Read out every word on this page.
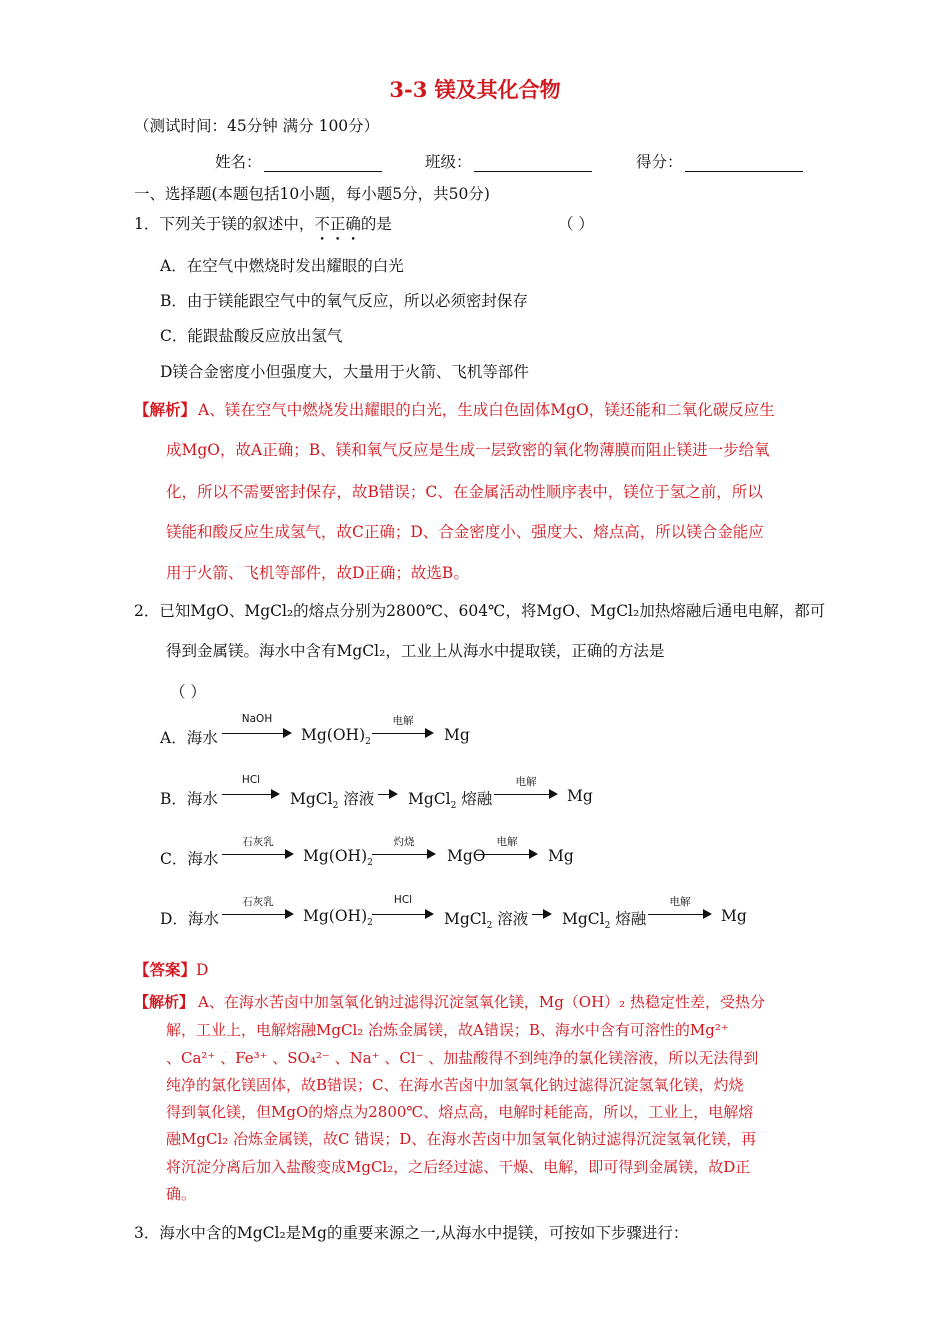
3-3 镁及其化合物
（测试时间：45分钟 满分 100分）
姓名：	班级：	得分：
一、选择题(本题包括10小题，每小题5分，共50分)
1．下列关于镁的叙述中，不正确的是	（ ）
A．在空气中燃烧时发出耀眼的白光
B．由于镁能跟空气中的氧气反应，所以必须密封保存
C．能跟盐酸反应放出氢气
D镁合金密度小但强度大，大量用于火箭、飞机等部件
【解析】 A、镁在空气中燃烧发出耀眼的白光，生成白色固体MgO，镁还能和二氧化碳反应生
成MgO，故A正确；B、镁和氧气反应是生成一层致密的氧化物薄膜而阻止镁进一步给氧
化，所以不需要密封保存，故B错误；C、在金属活动性顺序表中，镁位于氢之前，所以
镁能和酸反应生成氢气，故C正确；D、合金密度小、强度大、熔点高，所以镁合金能应
用于火箭、飞机等部件，故D正确；故选B。
2．已知MgO、MgCl₂的熔点分别为2800℃、604℃，将MgO、MgCl₂加热熔融后通电电解，都可
得到金属镁。海水中含有MgCl₂，工业上从海水中提取镁，正确的方法是
（ ）
A．海水
NaOH
$Mg(OH)_2$
电解
Mg
B．海水
HCl
MgCl$_2$ 溶液 MgCl$_2$ 熔融
电解
Mg
C．海水
石灰乳
$Mg(OH)_2$
灼烧
MgO
电解
Mg
D．海水
石灰乳
$Mg(OH)_2$
HCl
MgCl$_2$ 溶液 MgCl$_2$ 熔融
电解
Mg
【答案】D
【解析】 A、在海水苦卤中加氢氧化钠过滤得沉淀氢氧化镁，Mg（OH）₂ 热稳定性差，受热分
解，工业上，电解熔融MgCl₂ 冶炼金属镁，故A错误；B、海水中含有可溶性的Mg²⁺
、Ca²⁺ 、Fe³⁺ 、SO₄²⁻ 、Na⁺ 、Cl⁻ 、加盐酸得不到纯净的氯化镁溶液，所以无法得到
纯净的氯化镁固体，故B错误；C、在海水苦卤中加氢氧化钠过滤得沉淀氢氧化镁，灼烧
得到氧化镁，但MgO的熔点为2800℃、熔点高，电解时耗能高，所以，工业上，电解熔
融MgCl₂ 冶炼金属镁，故C 错误；D、在海水苦卤中加氢氧化钠过滤得沉淀氢氧化镁，再
将沉淀分离后加入盐酸变成MgCl₂，之后经过滤、干燥、电解，即可得到金属镁，故D正
确。
3．海水中含的MgCl₂是Mg的重要来源之一,从海水中提镁，可按如下步骤进行：
